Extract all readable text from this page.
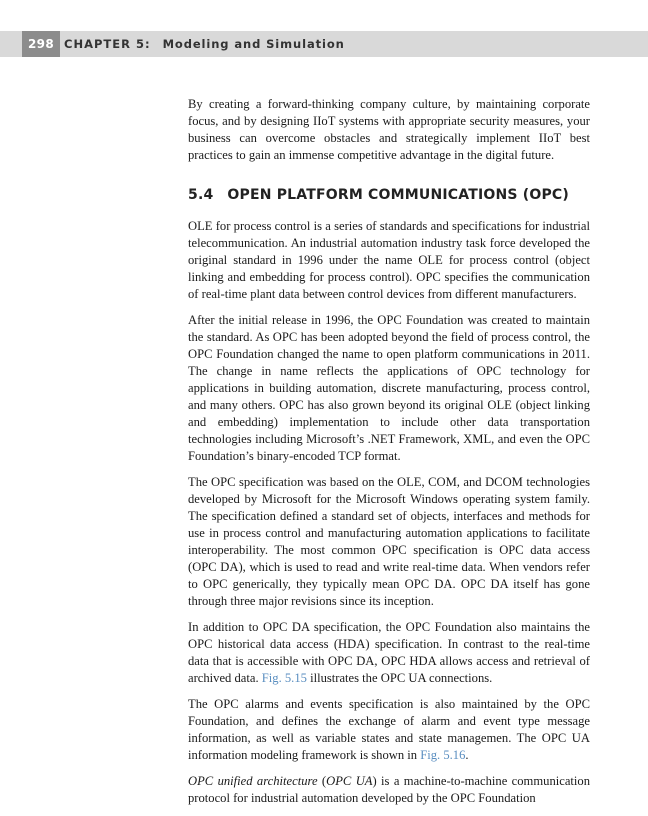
298 CHAPTER 5: Modeling and Simulation

By creating a forward-thinking company culture, by maintaining corporate focus, and by designing IIoT systems with appropriate security measures, your business can overcome obstacles and strategically implement IIoT best practices to gain an immense competitive advantage in the digital future.

5.4 OPEN PLATFORM COMMUNICATIONS (OPC)

OLE for process control is a series of standards and specifications for industrial telecommunication. An industrial automation industry task force developed the original standard in 1996 under the name OLE for process control (object linking and embedding for process control). OPC specifies the communication of real-time plant data between control devices from different manufacturers.

After the initial release in 1996, the OPC Foundation was created to maintain the standard. As OPC has been adopted beyond the field of process control, the OPC Foundation changed the name to open platform communications in 2011. The change in name reflects the applications of OPC technology for applications in building automation, discrete manufacturing, process control, and many others. OPC has also grown beyond its original OLE (object linking and embedding) implementation to include other data transportation technologies including Microsoft’s .NET Framework, XML, and even the OPC Foundation’s binary-encoded TCP format.

The OPC specification was based on the OLE, COM, and DCOM technologies developed by Microsoft for the Microsoft Windows operating system family. The specification defined a standard set of objects, interfaces and methods for use in process control and manufacturing automation applications to facilitate interoperability. The most common OPC specification is OPC data access (OPC DA), which is used to read and write real-time data. When vendors refer to OPC generically, they typically mean OPC DA. OPC DA itself has gone through three major revisions since its inception.

In addition to OPC DA specification, the OPC Foundation also maintains the OPC historical data access (HDA) specification. In contrast to the real-time data that is accessible with OPC DA, OPC HDA allows access and retrieval of archived data. Fig. 5.15 illustrates the OPC UA connections.

The OPC alarms and events specification is also maintained by the OPC Foundation, and defines the exchange of alarm and event type message information, as well as variable states and state managemen. The OPC UA information modeling framework is shown in Fig. 5.16.

OPC unified architecture (OPC UA) is a machine-to-machine communication protocol for industrial automation developed by the OPC Foundation
